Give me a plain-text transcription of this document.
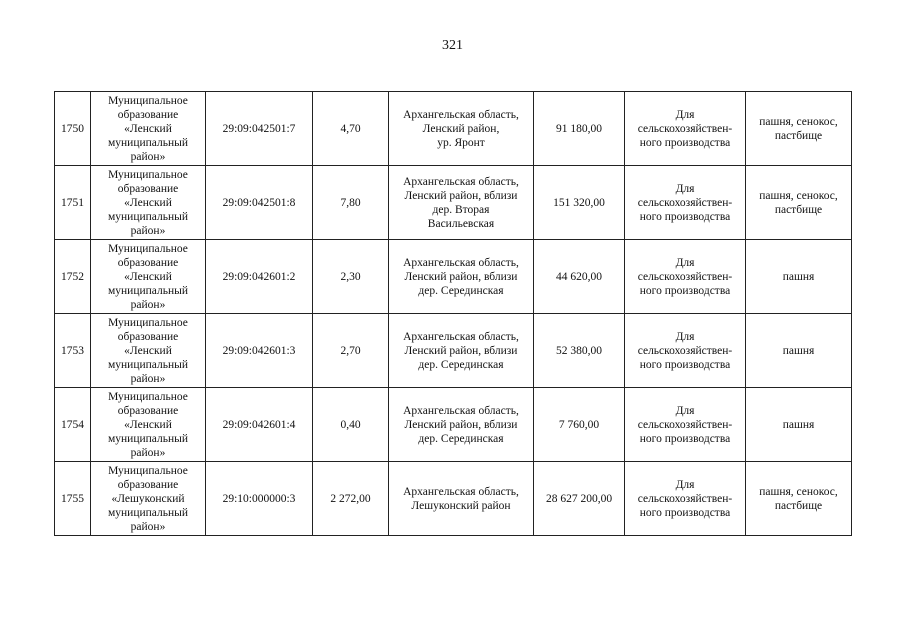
321
1750	Муниципальное
образование
«Ленский
муниципальный
район»	29:09:042501:7	4,70	Архангельская область,
Ленский район,
ур. Яронт	91 180,00	Для
сельскохозяйствен-
ного производства	пашня, сенокос,
пастбище
1751	Муниципальное
образование
«Ленский
муниципальный
район»	29:09:042501:8	7,80	Архангельская область,
Ленский район, вблизи
дер. Вторая
Васильевская	151 320,00	Для
сельскохозяйствен-
ного производства	пашня, сенокос,
пастбище
1752	Муниципальное
образование
«Ленский
муниципальный
район»	29:09:042601:2	2,30	Архангельская область,
Ленский район, вблизи
дер. Серединская	44 620,00	Для
сельскохозяйствен-
ного производства	пашня
1753	Муниципальное
образование
«Ленский
муниципальный
район»	29:09:042601:3	2,70	Архангельская область,
Ленский район, вблизи
дер. Серединская	52 380,00	Для
сельскохозяйствен-
ного производства	пашня
1754	Муниципальное
образование
«Ленский
муниципальный
район»	29:09:042601:4	0,40	Архангельская область,
Ленский район, вблизи
дер. Серединская	7 760,00	Для
сельскохозяйствен-
ного производства	пашня
1755	Муниципальное
образование
«Лешуконский
муниципальный
район»	29:10:000000:3	2 272,00	Архангельская область,
Лешуконский район	28 627 200,00	Для
сельскохозяйствен-
ного производства	пашня, сенокос,
пастбище
